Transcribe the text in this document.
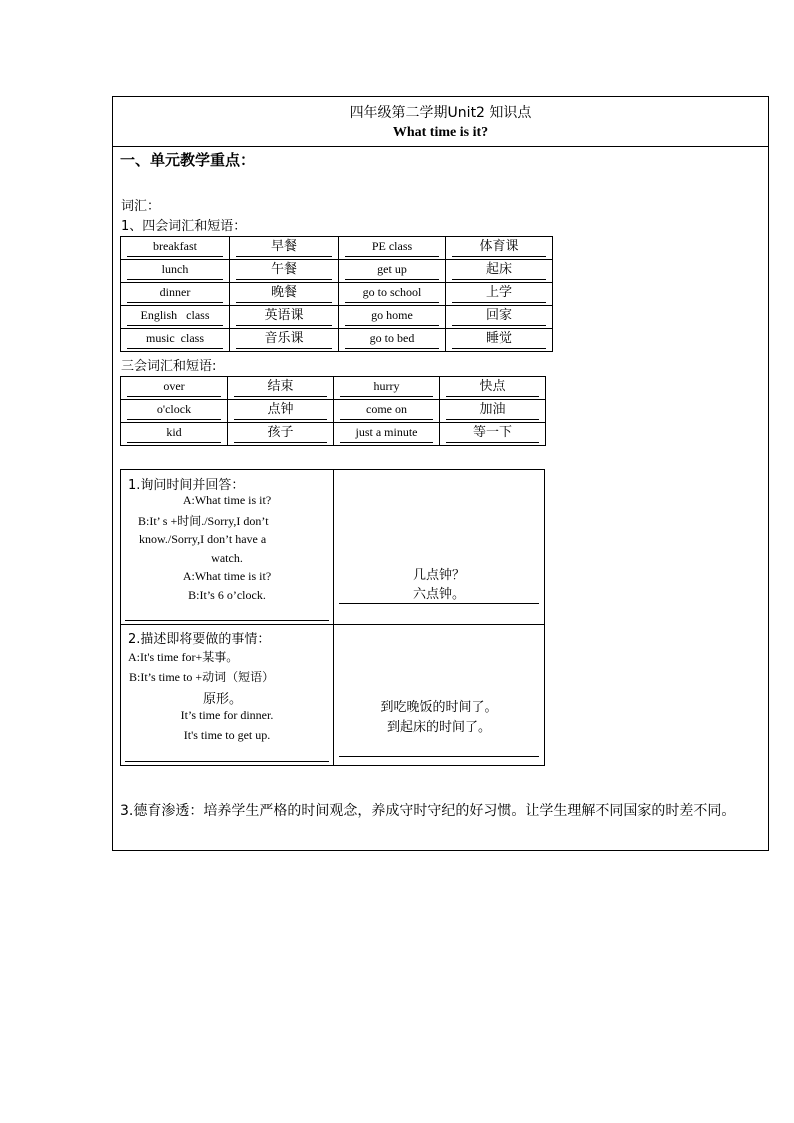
四年级第二学期Unit2 知识点
What time is it?
一、单元教学重点：
词汇：
1、四会词汇和短语：
breakfast	早餐	PE class	体育课

lunch	午餐	get up	起床

dinner	晚餐	go to school	上学

English   class	英语课	go home	回家

music  class	音乐课	go to bed	睡觉
三会词汇和短语:
over	结束	hurry	快点

o'clock	点钟	come on	加油

kid	孩子	just a minute	等一下
1.询问时间并回答：
A:What time is it?
B:It’ s +时间./Sorry,I don’t
know./Sorry,I don’t have a
watch.
A:What time is it?
B:It’s 6 o’clock.
几点钟？
六点钟。
2.描述即将要做的事情：
A:It's time for+某事。
B:It’s time to +动词（短语）
原形。
It’s time for dinner.
It's time to get up.
到吃晚饭的时间了。
到起床的时间了。
3.德育渗透：培养学生严格的时间观念，养成守时守纪的好习惯。让学生理解不同国家的时差不同。
